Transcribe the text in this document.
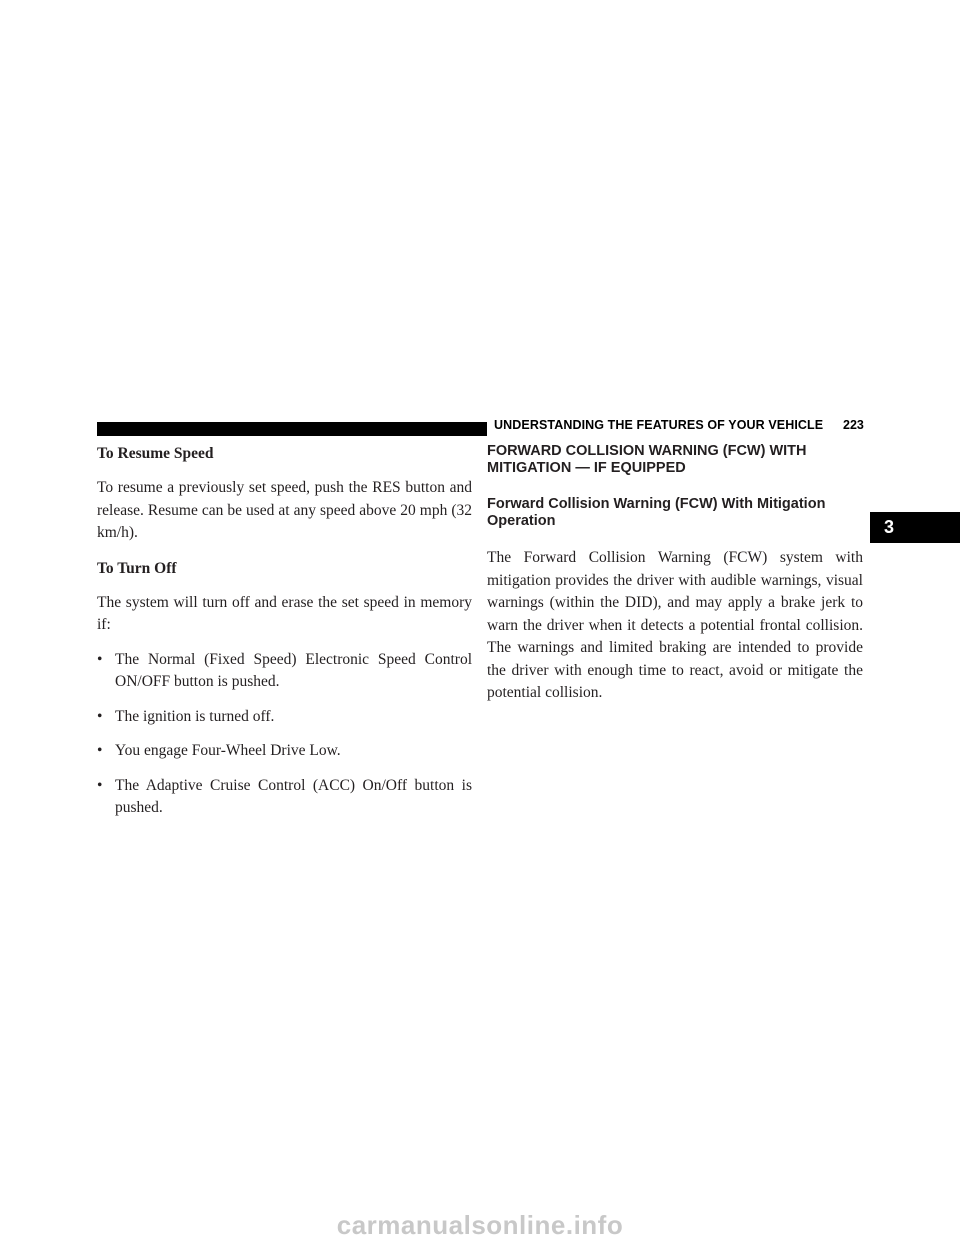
UNDERSTANDING THE FEATURES OF YOUR VEHICLE 223
3

To Resume Speed

To resume a previously set speed, push the RES button and release. Resume can be used at any speed above 20 mph (32 km/h).

To Turn Off

The system will turn off and erase the set speed in memory if:

• The Normal (Fixed Speed) Electronic Speed Control ON/OFF button is pushed.
• The ignition is turned off.
• You engage Four-Wheel Drive Low.
• The Adaptive Cruise Control (ACC) On/Off button is pushed.
FORWARD COLLISION WARNING (FCW) WITH MITIGATION — IF EQUIPPED
Forward Collision Warning (FCW) With Mitigation Operation

The Forward Collision Warning (FCW) system with mitigation provides the driver with audible warnings, visual warnings (within the DID), and may apply a brake jerk to warn the driver when it detects a potential frontal collision. The warnings and limited braking are intended to provide the driver with enough time to react, avoid or mitigate the potential collision.

carmanualsonline.info
